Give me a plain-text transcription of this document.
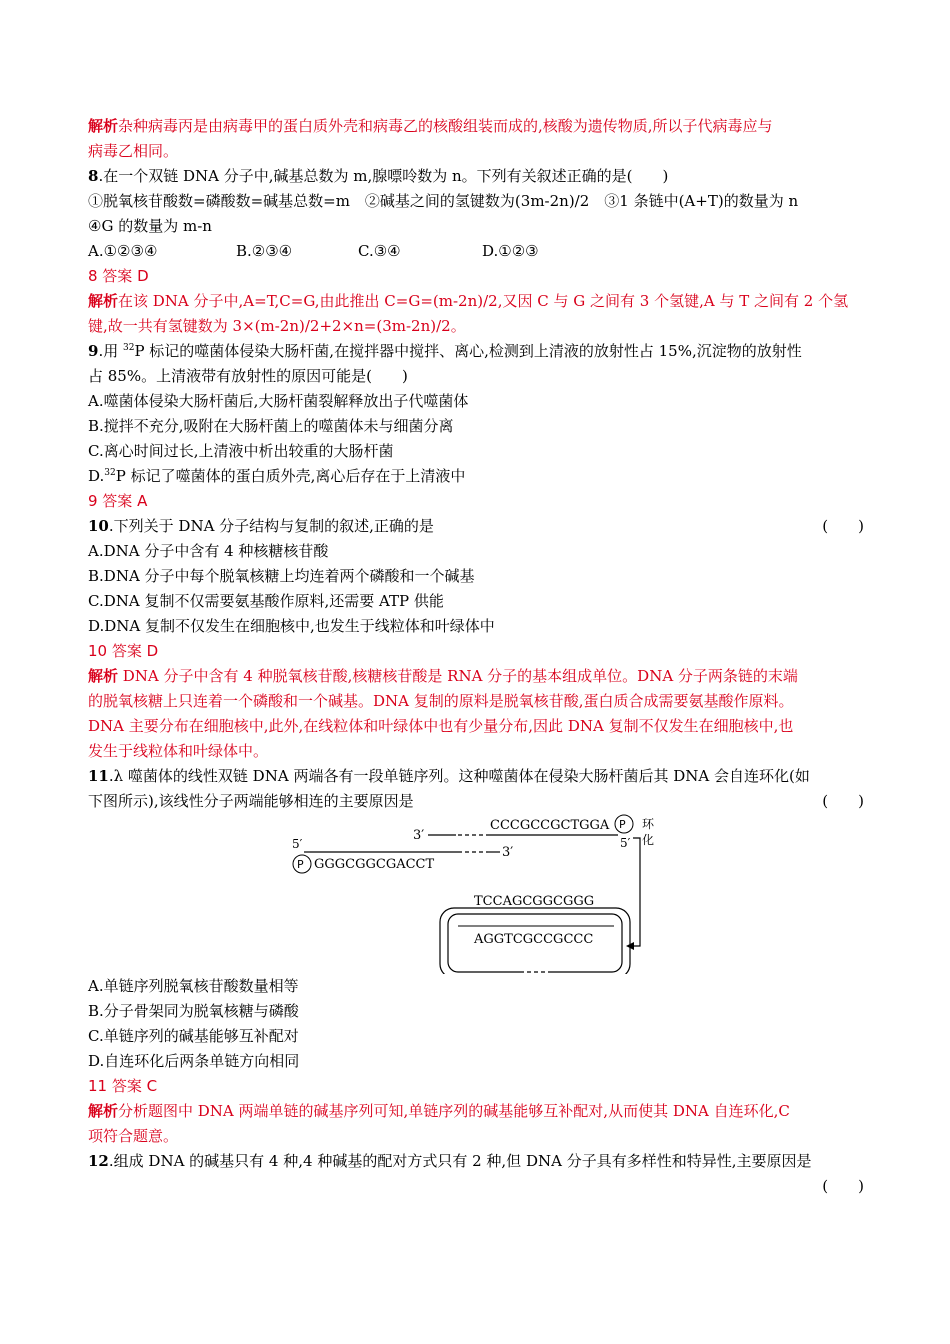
解析杂种病毒丙是由病毒甲的蛋白质外壳和病毒乙的核酸组装而成的,核酸为遗传物质,所以子代病毒应与
病毒乙相同。
8.在一个双链 DNA 分子中,碱基总数为 m,腺嘌呤数为 n。下列有关叙述正确的是(　　)
①脱氧核苷酸数=磷酸数=碱基总数=m　②碱基之间的氢键数为(3m-2n)/2　③1 条链中(A+T)的数量为 n
④G 的数量为 m-n
A.①②③④	B.②③④	C.③④	D.①②③
8 答案 D
解析在该 DNA 分子中,A=T,C=G,由此推出 C=G=(m-2n)/2,又因 C 与 G 之间有 3 个氢键,A 与 T 之间有 2 个氢
键,故一共有氢键数为 3×(m-2n)/2+2×n=(3m-2n)/2。
9.用 $^{32}$P 标记的噬菌体侵染大肠杆菌,在搅拌器中搅拌、离心,检测到上清液的放射性占 15%,沉淀物的放射性
占 85%。上清液带有放射性的原因可能是(　　)
A.噬菌体侵染大肠杆菌后,大肠杆菌裂解释放出子代噬菌体
B.搅拌不充分,吸附在大肠杆菌上的噬菌体未与细菌分离
C.离心时间过长,上清液中析出较重的大肠杆菌
D.$^{32}$P 标记了噬菌体的蛋白质外壳,离心后存在于上清液中
9 答案 A
10.下列关于 DNA 分子结构与复制的叙述,正确的是	(　　)
A.DNA 分子中含有 4 种核糖核苷酸
B.DNA 分子中每个脱氧核糖上均连着两个磷酸和一个碱基
C.DNA 复制不仅需要氨基酸作原料,还需要 ATP 供能
D.DNA 复制不仅发生在细胞核中,也发生于线粒体和叶绿体中
10 答案 D
解析 DNA 分子中含有 4 种脱氧核苷酸,核糖核苷酸是 RNA 分子的基本组成单位。DNA 分子两条链的末端
的脱氧核糖上只连着一个磷酸和一个碱基。DNA 复制的原料是脱氧核苷酸,蛋白质合成需要氨基酸作原料。
DNA 主要分布在细胞核中,此外,在线粒体和叶绿体中也有少量分布,因此 DNA 复制不仅发生在细胞核中,也
发生于线粒体和叶绿体中。
11.λ 噬菌体的线性双链 DNA 两端各有一段单链序列。这种噬菌体在侵染大肠杆菌后其 DNA 会自连环化(如
下图所示),该线性分子两端能够相连的主要原因是	(　　)
3′
CCCGCCGCTGGA P
5′
环
化
3′
5′
P GGGCGGCGACCT
TCCAGCGGCGGG
AGGTCGCCGCCC
A.单链序列脱氧核苷酸数量相等
B.分子骨架同为脱氧核糖与磷酸
C.单链序列的碱基能够互补配对
D.自连环化后两条单链方向相同
11 答案 C
解析分析题图中 DNA 两端单链的碱基序列可知,单链序列的碱基能够互补配对,从而使其 DNA 自连环化,C
项符合题意。
12.组成 DNA 的碱基只有 4 种,4 种碱基的配对方式只有 2 种,但 DNA 分子具有多样性和特异性,主要原因是
(　　)
